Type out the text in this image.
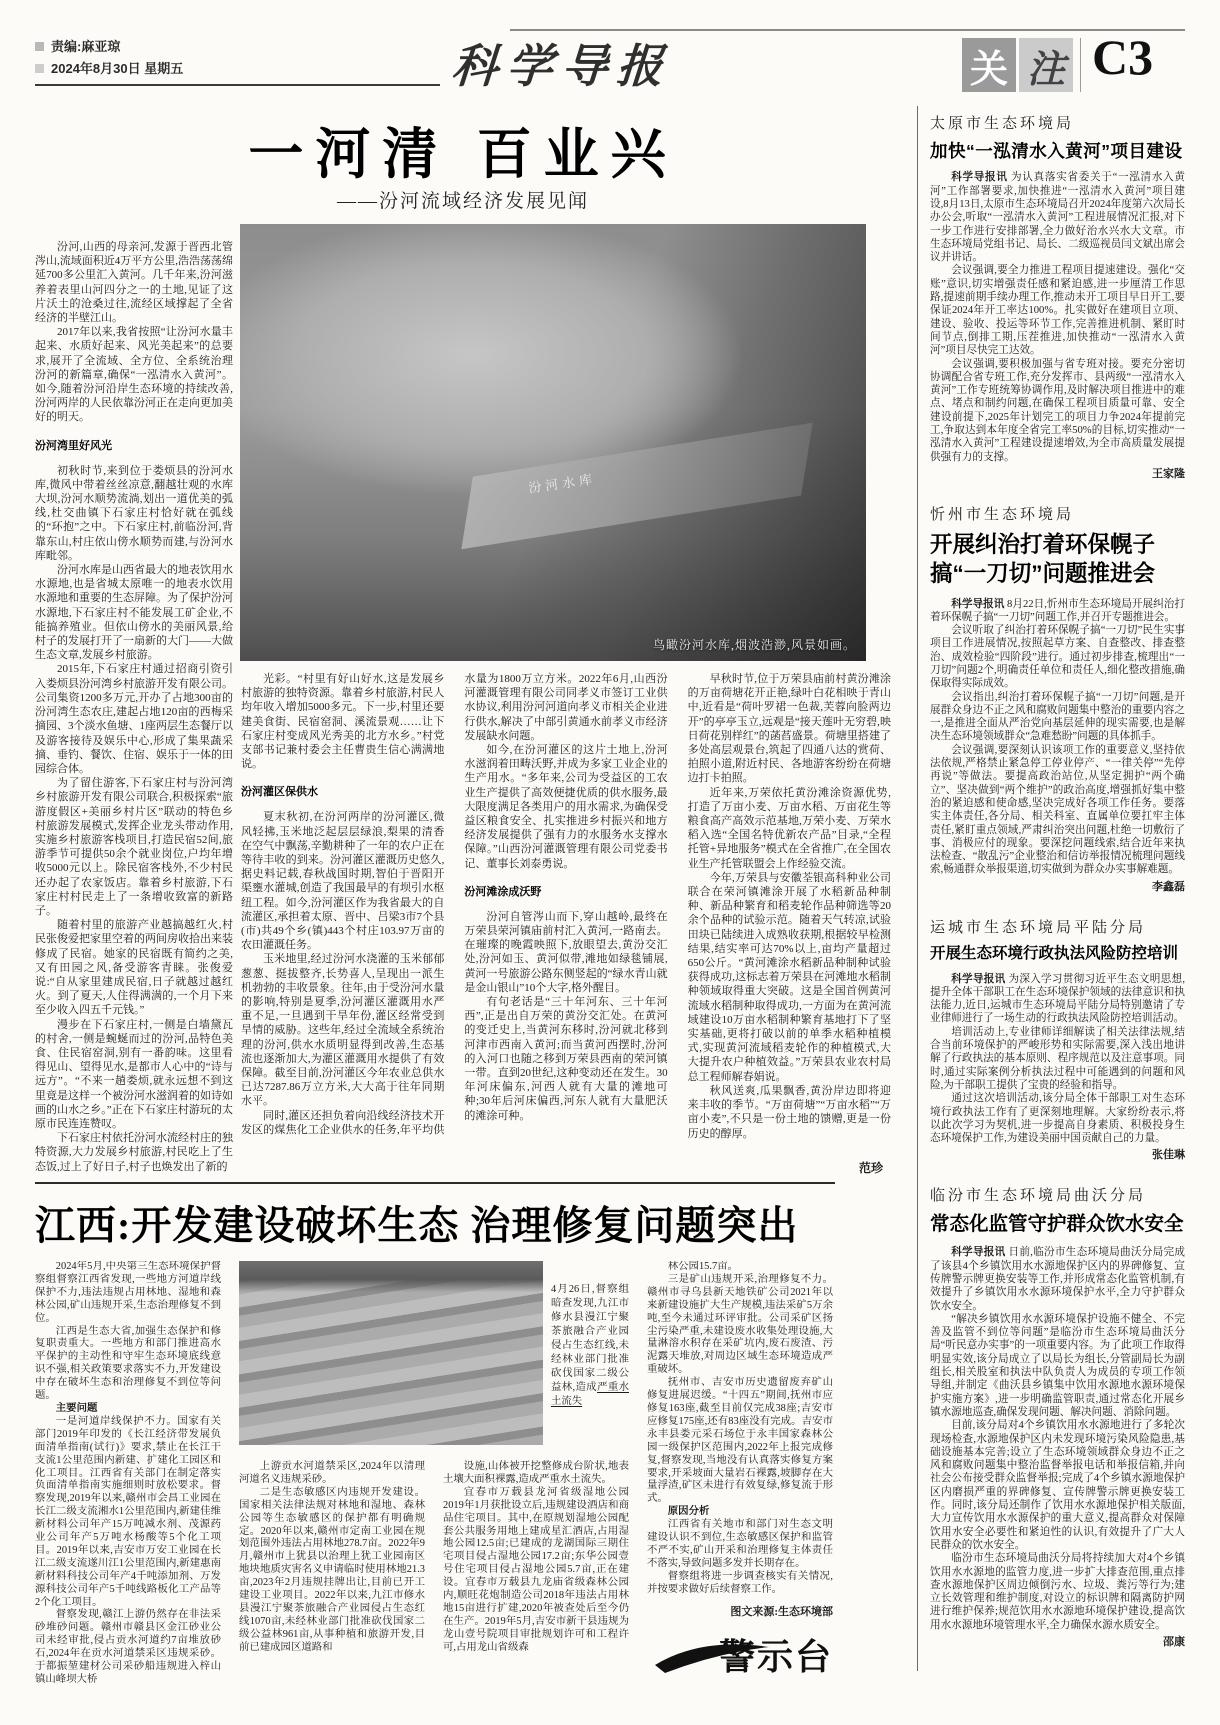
责编:麻亚琼
2024年8月30日 星期五	科学导报	关 注 C3
一河清 百业兴
——汾河流域经济发展见闻
汾河水库
鸟瞰汾河水库,烟波浩渺,风景如画。

汾河,山西的母亲河,发源于晋西北管涔山,流域面积近4万平方公里,浩浩荡荡绵延700多公里汇入黄河。几千年来,汾河滋养着表里山河四分之一的土地,见证了这片沃土的沧桑过往,流经区域撑起了全省经济的半壁江山。

2017年以来,我省按照“让汾河水量丰起来、水质好起来、风光美起来”的总要求,展开了全流域、全方位、全系统治理汾河的新篇章,确保“一泓清水入黄河”。如今,随着汾河沿岸生态环境的持续改善,汾河两岸的人民依靠汾河正在走向更加美好的明天。

汾河湾里好风光

初秋时节,来到位于娄烦县的汾河水库,微风中带着丝丝凉意,翻越壮观的水库大坝,汾河水顺势流淌,划出一道优美的弧线,杜交曲镇下石家庄村恰好就在弧线的“环抱”之中。下石家庄村,前临汾河,背靠东山,村庄依山傍水顺势而建,与汾河水库毗邻。

汾河水库是山西省最大的地表饮用水水源地,也是省城太原唯一的地表水饮用水源地和重要的生态屏障。为了保护汾河水源地,下石家庄村不能发展工矿企业,不能搞养殖业。但依山傍水的美丽风景,给村子的发展打开了一扇新的大门——大做生态文章,发展乡村旅游。

2015年,下石家庄村通过招商引资引入娄烦县汾河湾乡村旅游开发有限公司。公司集资1200多万元,开办了占地300亩的汾河湾生态农庄,建起占地120亩的西梅采摘园、3个淡水鱼塘、1座两层生态餐厅以及游客接待及娱乐中心,形成了集果蔬采摘、垂钓、餐饮、住宿、娱乐于一体的田园综合体。

为了留住游客,下石家庄村与汾河湾乡村旅游开发有限公司联合,积极探索“旅游度假区+美丽乡村片区”联动的特色乡村旅游发展模式,发挥企业龙头带动作用,实施乡村旅游客栈项目,打造民宿52间,旅游季节可提供50余个就业岗位,户均年增收5000元以上。除民宿客栈外,不少村民还办起了农家饭店。靠着乡村旅游,下石家庄村村民走上了一条增收致富的新路子。

随着村里的旅游产业越搞越红火,村民张俊爱把家里空着的两间房收拾出来装修成了民宿。她家的民宿既有简约之美,又有田园之风,备受游客青睐。张俊爱说:“自从家里建成民宿,日子就越过越红火。到了夏天,人住得满满的,一个月下来至少收入四五千元钱。”

漫步在下石家庄村,一侧是白墙黛瓦的村舍,一侧是蜿蜒而过的汾河,品特色美食、住民宿窑洞,别有一番韵味。这里看得见山、望得见水,是都市人心中的“诗与远方”。“不来一趟娄烦,就永远想不到这里竟是这样一个被汾河水滋润着的如诗如画的山水之乡。”正在下石家庄村游玩的太原市民连连赞叹。

下石家庄村依托汾河水流经村庄的独特资源,大力发展乡村旅游,村民吃上了生态饭,过上了好日子,村子也焕发出了新的

光彩。“村里有好山好水,这是发展乡村旅游的独特资源。靠着乡村旅游,村民人均年收入增加5000多元。下一步,村里还要建美食街、民宿窑洞、溪流景观……让下石家庄村变成风光秀美的北方水乡。”村党支部书记兼村委会主任曹贵生信心满满地说。

汾河灌区保供水

夏末秋初,在汾河两岸的汾河灌区,微风轻拂,玉米地泛起层层绿浪,梨果的清香在空气中飘荡,辛勤耕种了一年的农户正在等待丰收的到来。汾河灌区灌溉历史悠久,据史料记载,春秋战国时期,智伯于晋阳开渠壅水灌城,创造了我国最早的有坝引水枢纽工程。如今,汾河灌区作为我省最大的自流灌区,承担着太原、晋中、吕梁3市7个县(市)共49个乡(镇)443个村庄103.97万亩的农田灌溉任务。

玉米地里,经过汾河水浇灌的玉米郁郁葱葱、挺拔整齐,长势喜人,呈现出一派生机勃勃的丰收景象。往年,由于受汾河水量的影响,特别是夏季,汾河灌区灌溉用水严重不足,一旦遇到干旱年份,灌区经常受到旱情的威胁。这些年,经过全流域全系统治理的汾河,供水水质明显得到改善,生态基流也逐渐加大,为灌区灌溉用水提供了有效保障。截至目前,汾河灌区今年农业总供水已达7287.86万立方米,大大高于往年同期水平。

同时,灌区还担负着向沿线经济技术开发区的煤焦化工企业供水的任务,年平均供水量为1800万立方米。2022年6月,山西汾河灌溉管理有限公司同孝义市签订工业供水协议,利用汾河河道向孝义市相关企业进行供水,解决了中部引黄通水前孝义市经济发展缺水问题。

如今,在汾河灌区的这片土地上,汾河水滋润着田畴沃野,并成为多家工业企业的生产用水。“多年来,公司为受益区的工农业生产提供了高效便捷优质的供水服务,最大限度满足各类用户的用水需求,为确保受益区粮食安全、扎实推进乡村振兴和地方经济发展提供了强有力的水服务水支撑水保障。”山西汾河灌溉管理有限公司党委书记、董事长刘泰勇说。

汾河滩涂成沃野

汾河自管涔山而下,穿山越岭,最终在万荣县荣河镇庙前村汇入黄河,一路南去。在璀璨的晚霞映照下,放眼望去,黄汾交汇处,汾河如玉、黄河似带,滩地如绿毯铺展,黄河一号旅游公路东侧竖起的“绿水青山就是金山银山”10个大字,格外醒目。

有句老话是“三十年河东、三十年河西”,正是出自万荣的黄汾交汇处。在黄河的变迁史上,当黄河东移时,汾河就北移到河津市西南入黄河;而当黄河西摆时,汾河的入河口也随之移到万荣县西南的荣河镇一带。直到20世纪,这种变动还在发生。30年河床偏东,河西人就有大量的滩地可种;30年后河床偏西,河东人就有大量肥沃的滩涂可种。

早秋时节,位于万荣县庙前村黄汾滩涂的万亩荷塘花开正艳,绿叶白花相映于青山中,近看是“荷叶罗裙一色裁,芙蓉向脸两边开”的亭亭玉立,远观是“接天莲叶无穷碧,映日荷花别样红”的菡萏盛景。荷塘里搭建了多处高层观景台,筑起了四通八达的赏荷、拍照小道,附近村民、各地游客纷纷在荷塘边打卡拍照。

近年来,万荣依托黄汾滩涂资源优势,打造了万亩小麦、万亩水稻、万亩花生等粮食高产高效示范基地,万荣小麦、万荣水稻入选“全国名特优新农产品”目录,“全程托管+异地服务”模式在全省推广,在全国农业生产托管联盟会上作经验交流。

今年,万荣县与安徽荃银高科种业公司联合在荣河镇滩涂开展了水稻新品种制种、新品种繁育和稻麦轮作品种筛选等20余个品种的试验示范。随着天气转凉,试验田块已陆续进入成熟收获期,根据较早检测结果,结实率可达70%以上,亩均产量超过650公斤。“黄河滩涂水稻新品种制种试验获得成功,这标志着万荣县在河滩地水稻制种领域取得重大突破。这是全国首例黄河流域水稻制种取得成功,一方面为在黄河流域建设10万亩水稻制种繁育基地打下了坚实基础,更将打破以前的单季水稻种植模式,实现黄河流域稻麦轮作的种植模式,大大提升农户种植效益。”万荣县农业农村局总工程师解春娟说。

秋风送爽,瓜果飘香,黄汾岸边即将迎来丰收的季节。“万亩荷塘”“万亩水稻”“万亩小麦”,不只是一份土地的馈赠,更是一份历史的醇厚。

范珍
太原市生态环境局
加快“一泓清水入黄河”项目建设

科学导报讯 为认真落实省委关于“一泓清水入黄河”工作部署要求,加快推进“一泓清水入黄河”项目建设,8月13日,太原市生态环境局召开2024年度第六次局长办公会,听取“一泓清水入黄河”工程进展情况汇报,对下一步工作进行安排部署,全力做好治水兴水大文章。市生态环境局党组书记、局长、二级巡视员闫文斌出席会议并讲话。

会议强调,要全力推进工程项目提速建设。强化“交账”意识,切实增强责任感和紧迫感,进一步厘清工作思路,提速前期手续办理工作,推动未开工项目早日开工,要保证2024年开工率达100%。扎实做好在建项目立项、建设、验收、投运等环节工作,完善推进机制、紧盯时间节点,倒排工期,压茬推进,加快推动“一泓清水入黄河”项目尽快完工达效。

会议强调,要积极加强与省专班对接。要充分密切协调配合省专班工作,充分发挥市、县两级“一泓清水入黄河”工作专班统筹协调作用,及时解决项目推进中的难点、堵点和制约问题,在确保工程项目质量可靠、安全建设前提下,2025年计划完工的项目力争2024年提前完工,争取达到本年度全省完工率50%的目标,切实推动“一泓清水入黄河”工程建设提速增效,为全市高质量发展提供强有力的支撑。

王家隆
忻州市生态环境局
开展纠治打着环保幌子搞“一刀切”问题推进会

科学导报讯 8月22日,忻州市生态环境局开展纠治打着环保幌子搞“一刀切”问题工作,并召开专题推进会。

会议听取了纠治打着环保幌子搞“一刀切”民生实事项目工作进展情况,按照起草方案、自查整改、排查整治、成效检验“四阶段”进行。通过初步排查,梳理出“一刀切”问题2个,明确责任单位和责任人,细化整改措施,确保取得实际成效。

会议指出,纠治打着环保幌子搞“一刀切”问题,是开展群众身边不正之风和腐败问题集中整治的重要内容之一,是推进全面从严治党向基层延伸的现实需要,也是解决生态环境领域群众“急难愁盼”问题的具体抓手。

会议强调,要深刻认识该项工作的重要意义,坚持依法依规,严格禁止紧急停工停业停产、“一律关停”“先停再说”等做法。要提高政治站位,从坚定拥护“两个确立”、坚决做到“两个维护”的政治高度,增强抓好集中整治的紧迫感和使命感,坚决完成好各项工作任务。要落实主体责任,各分局、相关科室、直属单位要扛牢主体责任,紧盯重点领域,严肃纠治突出问题,杜绝一切敷衍了事、消极应付的现象。要深挖问题线索,结合近年来执法检查、“散乱污”企业整治和信访举报情况梳理问题线索,畅通群众举报渠道,切实做到为群众办实事解难题。

李鑫磊
运城市生态环境局平陆分局
开展生态环境行政执法风险防控培训

科学导报讯 为深入学习贯彻习近平生态文明思想,提升全体干部职工在生态环境保护领域的法律意识和执法能力,近日,运城市生态环境局平陆分局特别邀请了专业律师进行了一场生动的行政执法风险防控培训活动。

培训活动上,专业律师详细解读了相关法律法规,结合当前环境保护的严峻形势和实际需要,深入浅出地讲解了行政执法的基本原则、程序规范以及注意事项。同时,通过实际案例分析执法过程中可能遇到的问题和风险,为干部职工提供了宝贵的经验和指导。

通过这次培训活动,该分局全体干部职工对生态环境行政执法工作有了更深刻地理解。大家纷纷表示,将以此次学习为契机,进一步提高自身素质、积极投身生态环境保护工作,为建设美丽中国贡献自己的力量。

张佳琳
临汾市生态环境局曲沃分局
常态化监管守护群众饮水安全

科学导报讯 日前,临汾市生态环境局曲沃分局完成了该县4个乡镇饮用水水源地保护区内的界碑修复、宣传牌警示牌更换安装等工作,并形成常态化监管机制,有效提升了乡镇饮用水水源环境保护水平,全力守护群众饮水安全。

“解决乡镇饮用水水源环境保护设施不健全、不完善及监管不到位等问题”是临汾市生态环境局曲沃分局“听民意办实事”的一项重要内容。为了此项工作取得明显实效,该分局成立了以局长为组长,分管副局长为副组长,相关股室和执法中队负责人为成员的专项工作领导组,并制定《曲沃县乡镇集中饮用水源地水源环境保护实施方案》,进一步明确监管职责,通过常态化开展乡镇水源地巡查,确保发现问题、解决问题、消除问题。

目前,该分局对4个乡镇饮用水水源地进行了多轮次现场检查,水源地保护区内未发现环境污染风险隐患,基础设施基本完善;设立了生态环境领域群众身边不正之风和腐败问题集中整治监督举报电话和举报信箱,并向社会公布接受群众监督举报;完成了4个乡镇水源地保护区内磨损严重的界碑修复、宣传牌警示牌更换安装工作。同时,该分局还制作了饮用水水源地保护相关版面,大力宣传饮用水水源保护的重大意义,提高群众对保障饮用水安全必要性和紧迫性的认识,有效提升了广大人民群众的饮水安全。

临汾市生态环境局曲沃分局将持续加大对4个乡镇饮用水水源地的监管力度,进一步扩大排查范围,重点排查水源地保护区周边倾倒污水、垃圾、粪污等行为;建立长效管理和维护制度,对设立的标识牌和隔离防护网进行维护保养;规范饮用水水源地环境保护建设,提高饮用水水源地环境管理水平,全力确保水源水质安全。

邵康
江西:开发建设破坏生态 治理修复问题突出

2024年5月,中央第三生态环境保护督察组督察江西省发现,一些地方河道岸线保护不力,违法违规占用林地、湿地和森林公园,矿山违规开采,生态治理修复不到位。

江西是生态大省,加强生态保护和修复职责重大。一些地方和部门推进高水平保护的主动性和守牢生态环境底线意识不强,相关政策要求落实不力,开发建设中存在破坏生态和治理修复不到位等问题。

主要问题

一是河道岸线保护不力。国家有关部门2019年印发的《长江经济带发展负面清单指南(试行)》要求,禁止在长江干支流1公里范围内新建、扩建化工园区和化工项目。江西省有关部门在制定落实负面清单指南实施细则时放松要求。督察发现,2019年以来,赣州市会昌工业园在长江二级支流湘水1公里范围内,新建佳维新材料公司年产15万吨减水剂、茂源药业公司年产5万吨水杨酸等5个化工项目。2019年以来,吉安市万安工业园在长江二级支流遂川江1公里范围内,新建惠南新材料科技公司年产4千吨添加剂、万发源科技公司年产5千吨线路板化工产品等2个化工项目。

督察发现,赣江上游仍然存在非法采砂堆砂问题。赣州市赣县区金江砂业公司未经审批,侵占贡水河道约7亩堆放砂石,2024年在贡水河道禁采区违规采砂。于都振堃建材公司采砂船违规进入梓山镇山峰坝大桥

4月26日,督察组暗查发现,九江市修水县漫江宁聚茶旅融合产业园侵占生态红线,未经林业部门批准砍伐国家二级公益林,造成严重水土流失

上游贡水河道禁采区,2024年以清理河道名义违规采砂。

二是生态敏感区内违规开发建设。国家相关法律法规对林地和湿地、森林公园等生态敏感区的保护都有明确规定。2020年以来,赣州市定南工业园在规划范围外违法占用林地278.7亩。2022年9月,赣州市上犹县以治理上犹工业园南区地块地质灾害名义申请临时使用林地21.3亩,2023年2月违规挂牌出让,目前已开工建设工业项目。2022年以来,九江市修水县漫江宁聚茶旅融合产业园侵占生态红线1070亩,未经林业部门批准砍伐国家二级公益林961亩,从事种植和旅游开发,目前已建成园区道路和

设施,山体被开挖整修成台阶状,地表土壤大面积裸露,造成严重水土流失。

宜春市万载县龙河省级湿地公园2019年1月获批设立后,违规建设酒店和商品住宅项目。其中,在原规划湿地公园配套公共服务用地上建成星汇酒店,占用湿地公园12.5亩;已建成的龙湖国际三期住宅项目侵占湿地公园17.2亩;东华公园壹号住宅项目侵占湿地公园5.7亩,正在建设。宜春市万载县九龙庙省级森林公园内,顺旺花炮制造公司2018年违法占用林地15亩进行扩建,2020年被查处后至今仍在生产。2019年5月,吉安市新干县违规为龙山壹号院项目审批规划许可和工程许可,占用龙山省级森

林公园15.7亩。

三是矿山违规开采,治理修复不力。赣州市寻乌县新天地铁矿公司2021年以来新建设施扩大生产规模,违法采矿5万余吨,至今未通过环评审批。公司采矿区扬尘污染严重,未建设废水收集处理设施,大量淋溶水积存在采矿坑内,废石废渣、污泥露天堆放,对周边区域生态环境造成严重破坏。

抚州市、吉安市历史遗留废弃矿山修复进展迟缓。“十四五”期间,抚州市应修复163座,截至目前仅完成38座;吉安市应修复175座,还有83座没有完成。吉安市永丰县娄元采石场位于永丰国家森林公园一级保护区范围内,2022年上报完成修复,督察发现,当地没有认真落实修复方案要求,开采坡面大量岩石裸露,坡脚存在大量浮渣,矿区未进行有效复绿,修复流于形式。

原因分析

江西省有关地市和部门对生态文明建设认识不到位,生态敏感区保护和监管不严不实,矿山开采和治理修复主体责任不落实,导致问题多发并长期存在。

督察组将进一步调查核实有关情况,并按要求做好后续督察工作。

图文来源:生态环境部
警示台
